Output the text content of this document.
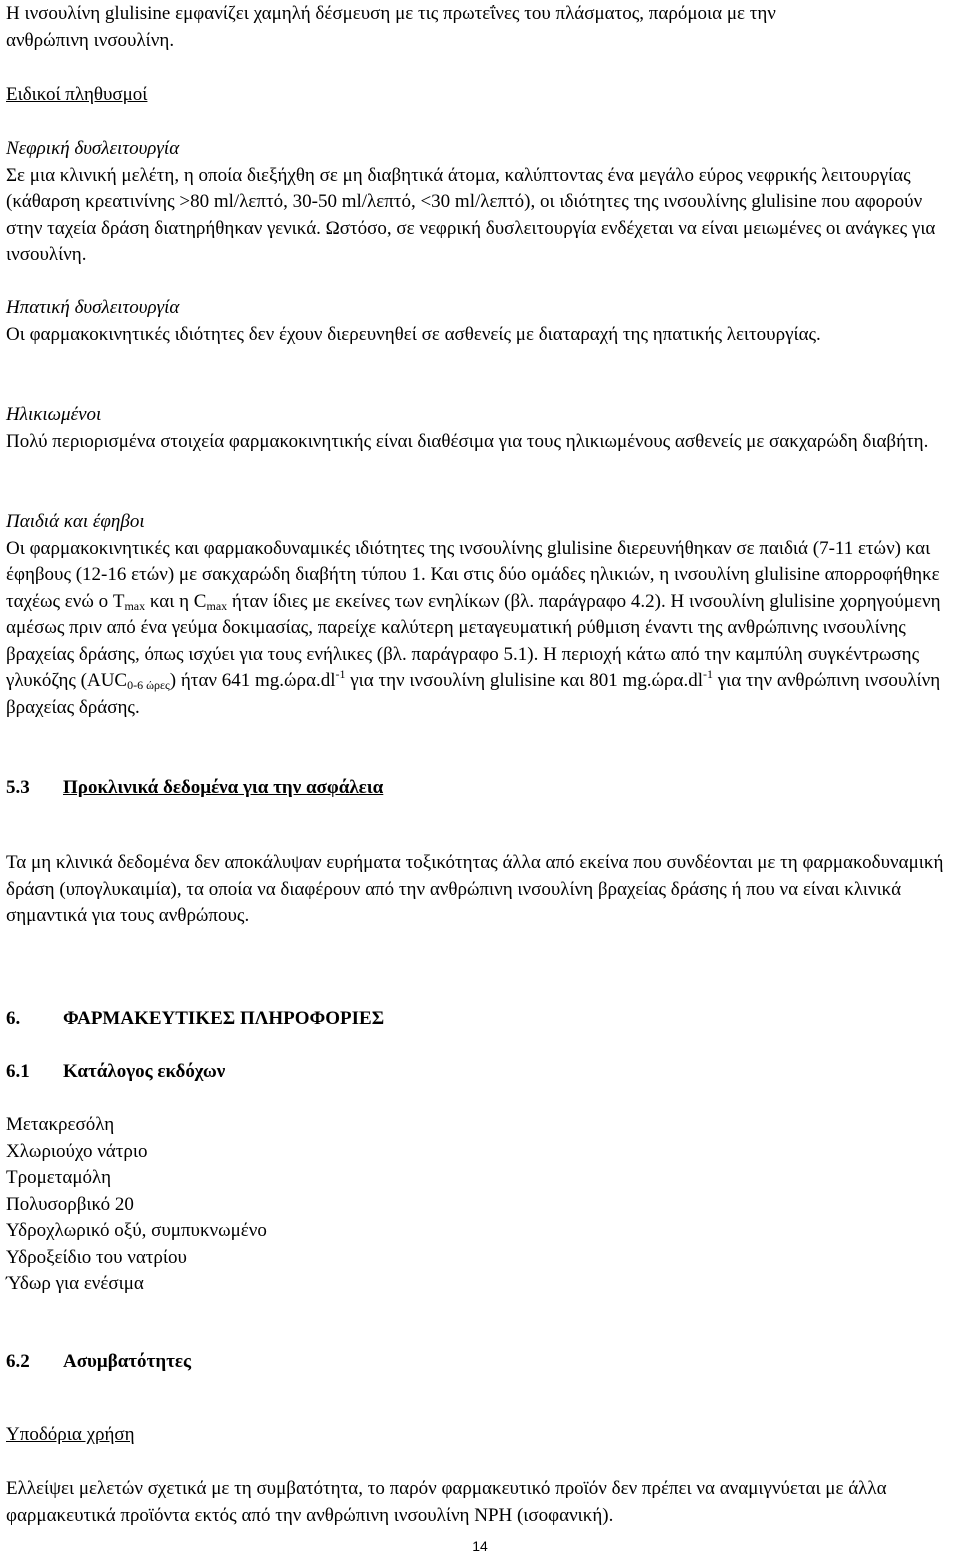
Η ινσουλίνη glulisine εμφανίζει χαμηλή δέσμευση με τις πρωτεΐνες του πλάσματος, παρόμοια με την
ανθρώπινη ινσουλίνη.

Ειδικοί πληθυσμοί

Νεφρική δυσλειτουργία

Σε μια κλινική μελέτη, η οποία διεξήχθη σε μη διαβητικά άτομα, καλύπτοντας ένα μεγάλο εύρος νεφρικής λειτουργίας (κάθαρση κρεατινίνης >80 ml/λεπτό, 30-50 ml/λεπτό, <30 ml/λεπτό), οι ιδιότητες της ινσουλίνης glulisine που αφορούν στην ταχεία δράση διατηρήθηκαν γενικά. Ωστόσο, σε νεφρική δυσλειτουργία ενδέχεται να είναι μειωμένες οι ανάγκες για ινσουλίνη.

Ηπατική δυσλειτουργία

Οι φαρμακοκινητικές ιδιότητες δεν έχουν διερευνηθεί σε ασθενείς με διαταραχή της ηπατικής λειτουργίας.

Ηλικιωμένοι

Πολύ περιορισμένα στοιχεία φαρμακοκινητικής είναι διαθέσιμα για τους ηλικιωμένους ασθενείς με σακχαρώδη διαβήτη.

Παιδιά και έφηβοι

Οι φαρμακοκινητικές και φαρμακοδυναμικές ιδιότητες της ινσουλίνης glulisine διερευνήθηκαν σε παιδιά (7-11 ετών) και έφηβους (12-16 ετών) με σακχαρώδη διαβήτη τύπου 1. Και στις δύο ομάδες ηλικιών, η ινσουλίνη glulisine απορροφήθηκε ταχέως ενώ ο $T_{max}$ και η $C_{max}$ ήταν ίδιες με εκείνες των ενηλίκων (βλ. παράγραφο 4.2). Η ινσουλίνη glulisine χορηγούμενη αμέσως πριν από ένα γεύμα δοκιμασίας, παρείχε καλύτερη μεταγευματική ρύθμιση έναντι της ανθρώπινης ινσουλίνης βραχείας δράσης, όπως ισχύει για τους ενήλικες (βλ. παράγραφο 5.1). Η περιοχή κάτω από την καμπύλη συγκέντρωσης γλυκόζης $(AUC_{0-6 ώ\rho\varepsilon\varsigma})$ ήταν 641 $mg.ώ\rho\alpha.dl^{-1}$ για την ινσουλίνη glulisine και 801 $mg.ώ\rho\alpha.dl^{-1}$ για την ανθρώπινη ινσουλίνη βραχείας δράσης.

5.3	Προκλινικά δεδομένα για την ασφάλεια

Τα μη κλινικά δεδομένα δεν αποκάλυψαν ευρήματα τοξικότητας άλλα από εκείνα που συνδέονται με τη φαρμακοδυναμική δράση (υπογλυκαιμία), τα οποία να διαφέρουν από την ανθρώπινη ινσουλίνη βραχείας δράσης ή που να είναι κλινικά σημαντικά για τους ανθρώπους.

6.	ΦΑΡΜΑΚΕΥΤΙΚΕΣ ΠΛΗΡΟΦΟΡΙΕΣ

6.1	Κατάλογος εκδόχων

Μετακρεσόλη
Χλωριούχο νάτριο
Τρομεταμόλη
Πολυσορβικό 20
Υδροχλωρικό οξύ, συμπυκνωμένο
Υδροξείδιο του νατρίου
Ύδωρ για ενέσιμα

6.2	Ασυμβατότητες

Υποδόρια χρήση

Ελλείψει μελετών σχετικά με τη συμβατότητα, το παρόν φαρμακευτικό προϊόν δεν πρέπει να αναμιγνύεται με άλλα φαρμακευτικά προϊόντα εκτός από την ανθρώπινη ινσουλίνη NPH (ισοφανική).

14
